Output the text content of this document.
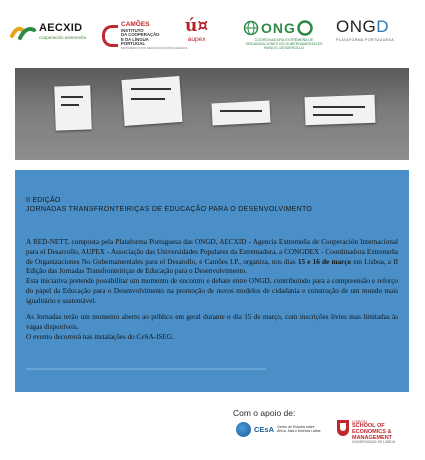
AECXID
cooperación extremeña
CAMÕES
INSTITUTO
DA COOPERAÇÃO
E DA LÍNGUA
PORTUGAL
MINISTÉRIO DOS NEGÓCIOS ESTRANGEIROS
ú¤
aupex
ONG
COORDINADORA EXTREMEÑA DE ORGANIZACIONES NO GUBERNAMENTALES PARA EL DESARROLLO
ONGD
PLATAFORMA PORTUGUESA
II EDIÇÃO
JORNADAS TRANSFRONTEIRIÇAS DE EDUCAÇÃO PARA O DESENVOLVIMENTO

A RED-NETT, composta pela Plataforma Portuguesa das ONGD, AECXID - Agencia Extremeña de Cooperación Internacional para el Desarrollo, AUPEX - Associação das Universidades Populares da Estremadura, a CONGDEX - Coordinadora Extremeña de Organizaciones No Gubernamentales para el Desarollo, e Camões I.P., organiza, nos dias 15 e 16 de março em Lisboa, a II Edição das Jornadas Transfronteiriças de Educação para o Desenvolvimento.

Esta iniciativa pretende possibilitar um momento de encontro e debate entre ONGD, contribuindo para a compreensão e reforço do papel da Educação para o Desenvolvimento na promoção de novos modelos de cidadania e construção de um mundo mais igualitário e sustentável.

As Jornadas terão um momento aberto ao público em geral durante o dia 15 de março, com inscrições livres mas limitadas às vagas disponíveis.

O evento decorrerá nas instalações do CeSA-ISEG.

Com o apoio de:
CEsA Centro de Estudos sobre
África, Ásia e América Latina
LISBON
SCHOOL OF
ECONOMICS &
MANAGEMENT
UNIVERSIDADE DE LISBOA
